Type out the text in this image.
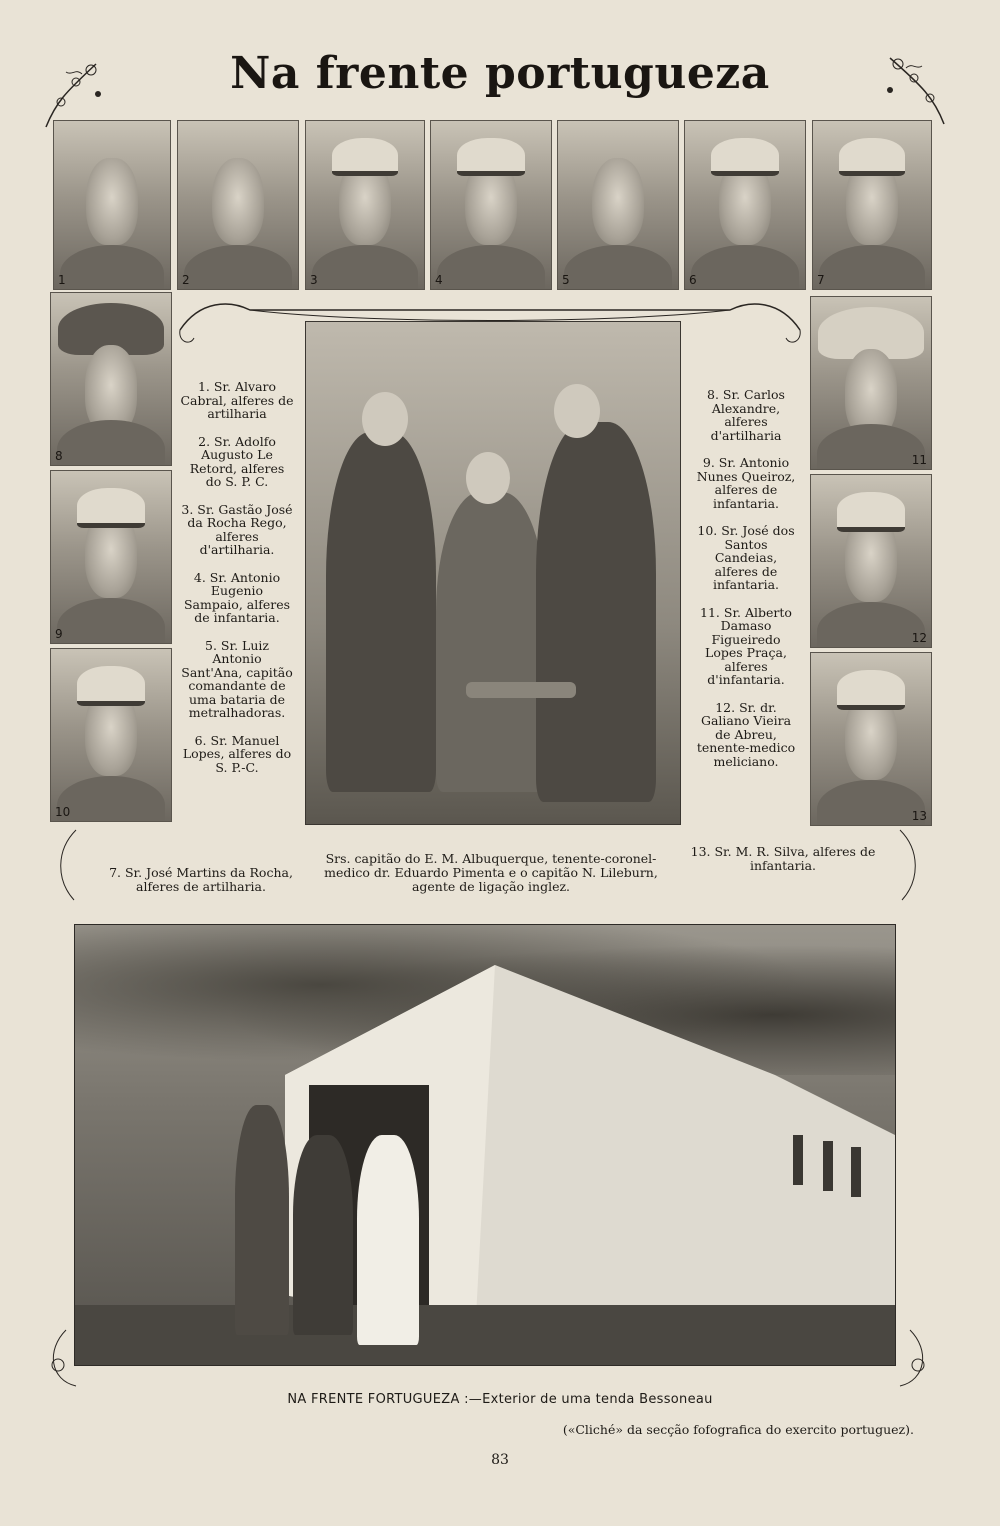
Na frente portugueza
1	2	3	4	5	6	7
8
9
10
11
12
13

1. Sr. Alvaro Cabral, alferes de artilharia

2. Sr. Adolfo Augusto Le Retord, alferes do S. P. C.

3. Sr. Gastão José da Rocha Rego, alferes d'artilharia.

4. Sr. Antonio Eugenio Sampaio, alferes de infantaria.

5. Sr. Luiz Antonio Sant'Ana, capitão comandante de uma bataria de metralhadoras.

6. Sr. Manuel Lopes, alferes do S. P.-C.

7. Sr. José Martins da Rocha, alferes de artilharia.

8. Sr. Carlos Alexandre, alferes d'artilharia

9. Sr. Antonio Nunes Queiroz, alferes de infantaria.

10. Sr. José dos Santos Candeias, alferes de infantaria.

11. Sr. Alberto Damaso Figueiredo Lopes Praça, alferes d'infantaria.

12. Sr. dr. Galiano Vieira de Abreu, tenente-medico meliciano.

13. Sr. M. R. Silva, alferes de infantaria.
Srs. capitão do E. M. Albuquerque, tenente-coronel-medico dr. Eduardo Pimenta e o capitão N. Lileburn, agente de ligação inglez.
NA FRENTE FORTUGUEZA :—Exterior de uma tenda Bessoneau
(«Cliché» da secção fofografica do exercito portuguez).
83
